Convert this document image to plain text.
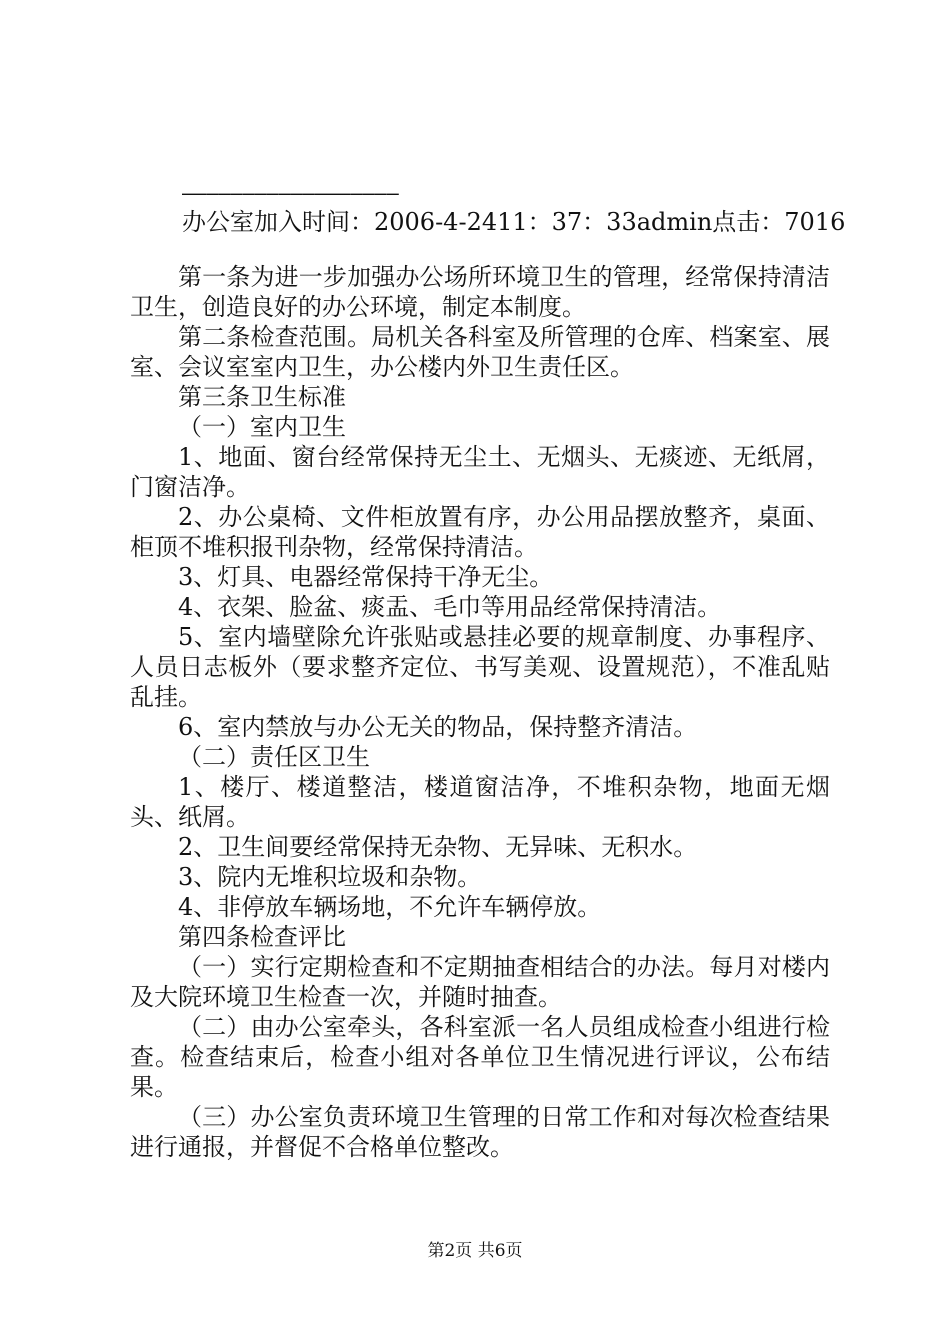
——————————————————
办公室加入时间：2006-4-2411：37：33admin点击：7016

第一条为进一步加强办公场所环境卫生的管理，经常保持清洁卫生，创造良好的办公环境，制定本制度。

第二条检查范围。局机关各科室及所管理的仓库、档案室、展室、会议室室内卫生，办公楼内外卫生责任区。

第三条卫生标准

（一）室内卫生

1、地面、窗台经常保持无尘土、无烟头、无痰迹、无纸屑，门窗洁净。

2、办公桌椅、文件柜放置有序，办公用品摆放整齐，桌面、柜顶不堆积报刊杂物，经常保持清洁。

3、灯具、电器经常保持干净无尘。

4、衣架、脸盆、痰盂、毛巾等用品经常保持清洁。

5、室内墙壁除允许张贴或悬挂必要的规章制度、办事程序、人员日志板外（要求整齐定位、书写美观、设置规范），不准乱贴乱挂。

6、室内禁放与办公无关的物品，保持整齐清洁。

（二）责任区卫生

1、楼厅、楼道整洁，楼道窗洁净，不堆积杂物，地面无烟头、纸屑。

2、卫生间要经常保持无杂物、无异味、无积水。

3、院内无堆积垃圾和杂物。

4、非停放车辆场地，不允许车辆停放。

第四条检查评比

（一）实行定期检查和不定期抽查相结合的办法。每月对楼内及大院环境卫生检查一次，并随时抽查。

（二）由办公室牵头，各科室派一名人员组成检查小组进行检查。检查结束后，检查小组对各单位卫生情况进行评议，公布结果。

（三）办公室负责环境卫生管理的日常工作和对每次检查结果进行通报，并督促不合格单位整改。

第2页 共6页
